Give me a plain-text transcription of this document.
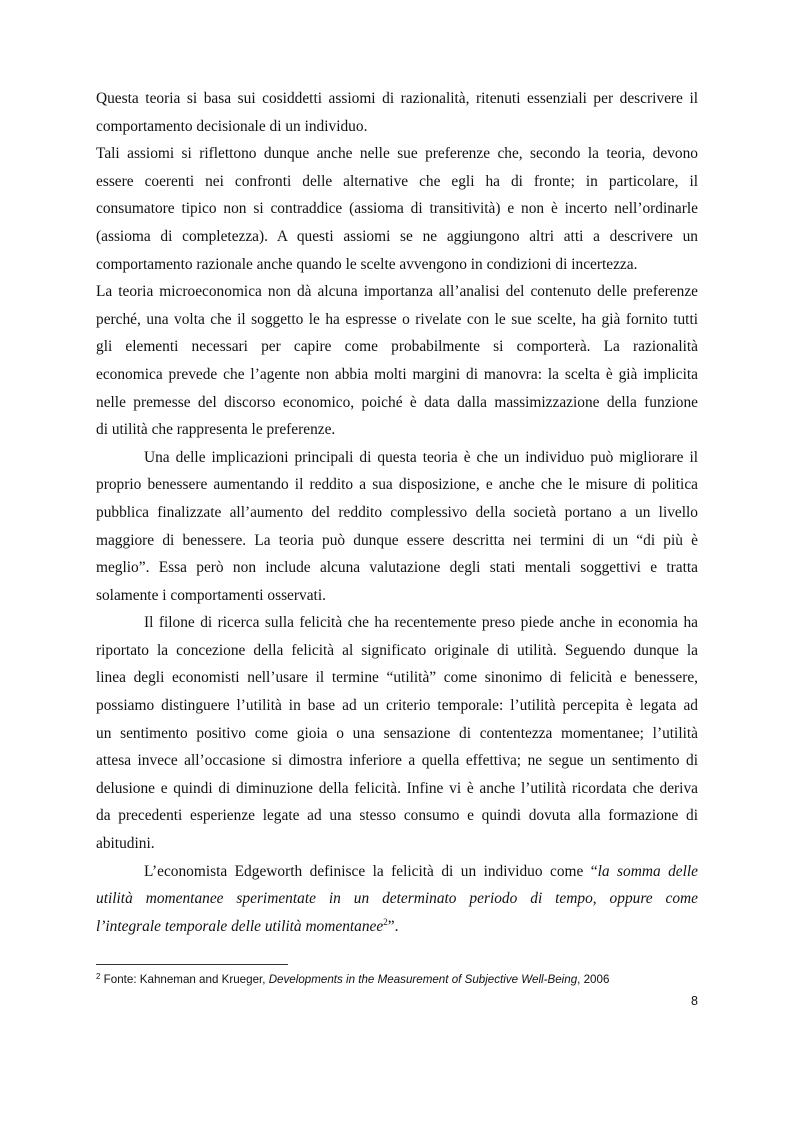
Questa teoria si basa sui cosiddetti assiomi di razionalità, ritenuti essenziali per descrivere il
comportamento decisionale di un individuo.
Tali assiomi si riflettono dunque anche nelle sue preferenze che, secondo la teoria, devono
essere coerenti nei confronti delle alternative che egli ha di fronte; in particolare, il
consumatore tipico non si contraddice (assioma di transitività) e non è incerto nell’ordinarle
(assioma di completezza). A questi assiomi se ne aggiungono altri atti a descrivere un
comportamento razionale anche quando le scelte avvengono in condizioni di incertezza.
La teoria microeconomica non dà alcuna importanza all’analisi del contenuto delle preferenze
perché, una volta che il soggetto le ha espresse o rivelate con le sue scelte, ha già fornito tutti
gli elementi necessari per capire come probabilmente si comporterà. La razionalità
economica prevede che l’agente non abbia molti margini di manovra: la scelta è già implicita
nelle premesse del discorso economico, poiché è data dalla massimizzazione della funzione
di utilità che rappresenta le preferenze.
Una delle implicazioni principali di questa teoria è che un individuo può migliorare il
proprio benessere aumentando il reddito a sua disposizione, e anche che le misure di politica
pubblica finalizzate all’aumento del reddito complessivo della società portano a un livello
maggiore di benessere. La teoria può dunque essere descritta nei termini di un “di più è
meglio”. Essa però non include alcuna valutazione degli stati mentali soggettivi e tratta
solamente i comportamenti osservati.
Il filone di ricerca sulla felicità che ha recentemente preso piede anche in economia ha
riportato la concezione della felicità al significato originale di utilità. Seguendo dunque la
linea degli economisti nell’usare il termine “utilità” come sinonimo di felicità e benessere,
possiamo distinguere l’utilità in base ad un criterio temporale: l’utilità percepita è legata ad
un sentimento positivo come gioia o una sensazione di contentezza momentanee; l’utilità
attesa invece all’occasione si dimostra inferiore a quella effettiva; ne segue un sentimento di
delusione e quindi di diminuzione della felicità. Infine vi è anche l’utilità ricordata che deriva
da precedenti esperienze legate ad una stesso consumo e quindi dovuta alla formazione di
abitudini.
L’economista Edgeworth definisce la felicità di un individuo come “la somma delle
utilità momentanee sperimentate in un determinato periodo di tempo, oppure come
l’integrale temporale delle utilità momentanee$^2$”.
$^2$ Fonte: Kahneman and Krueger, Developments in the Measurement of Subjective Well-Being, 2006
8
